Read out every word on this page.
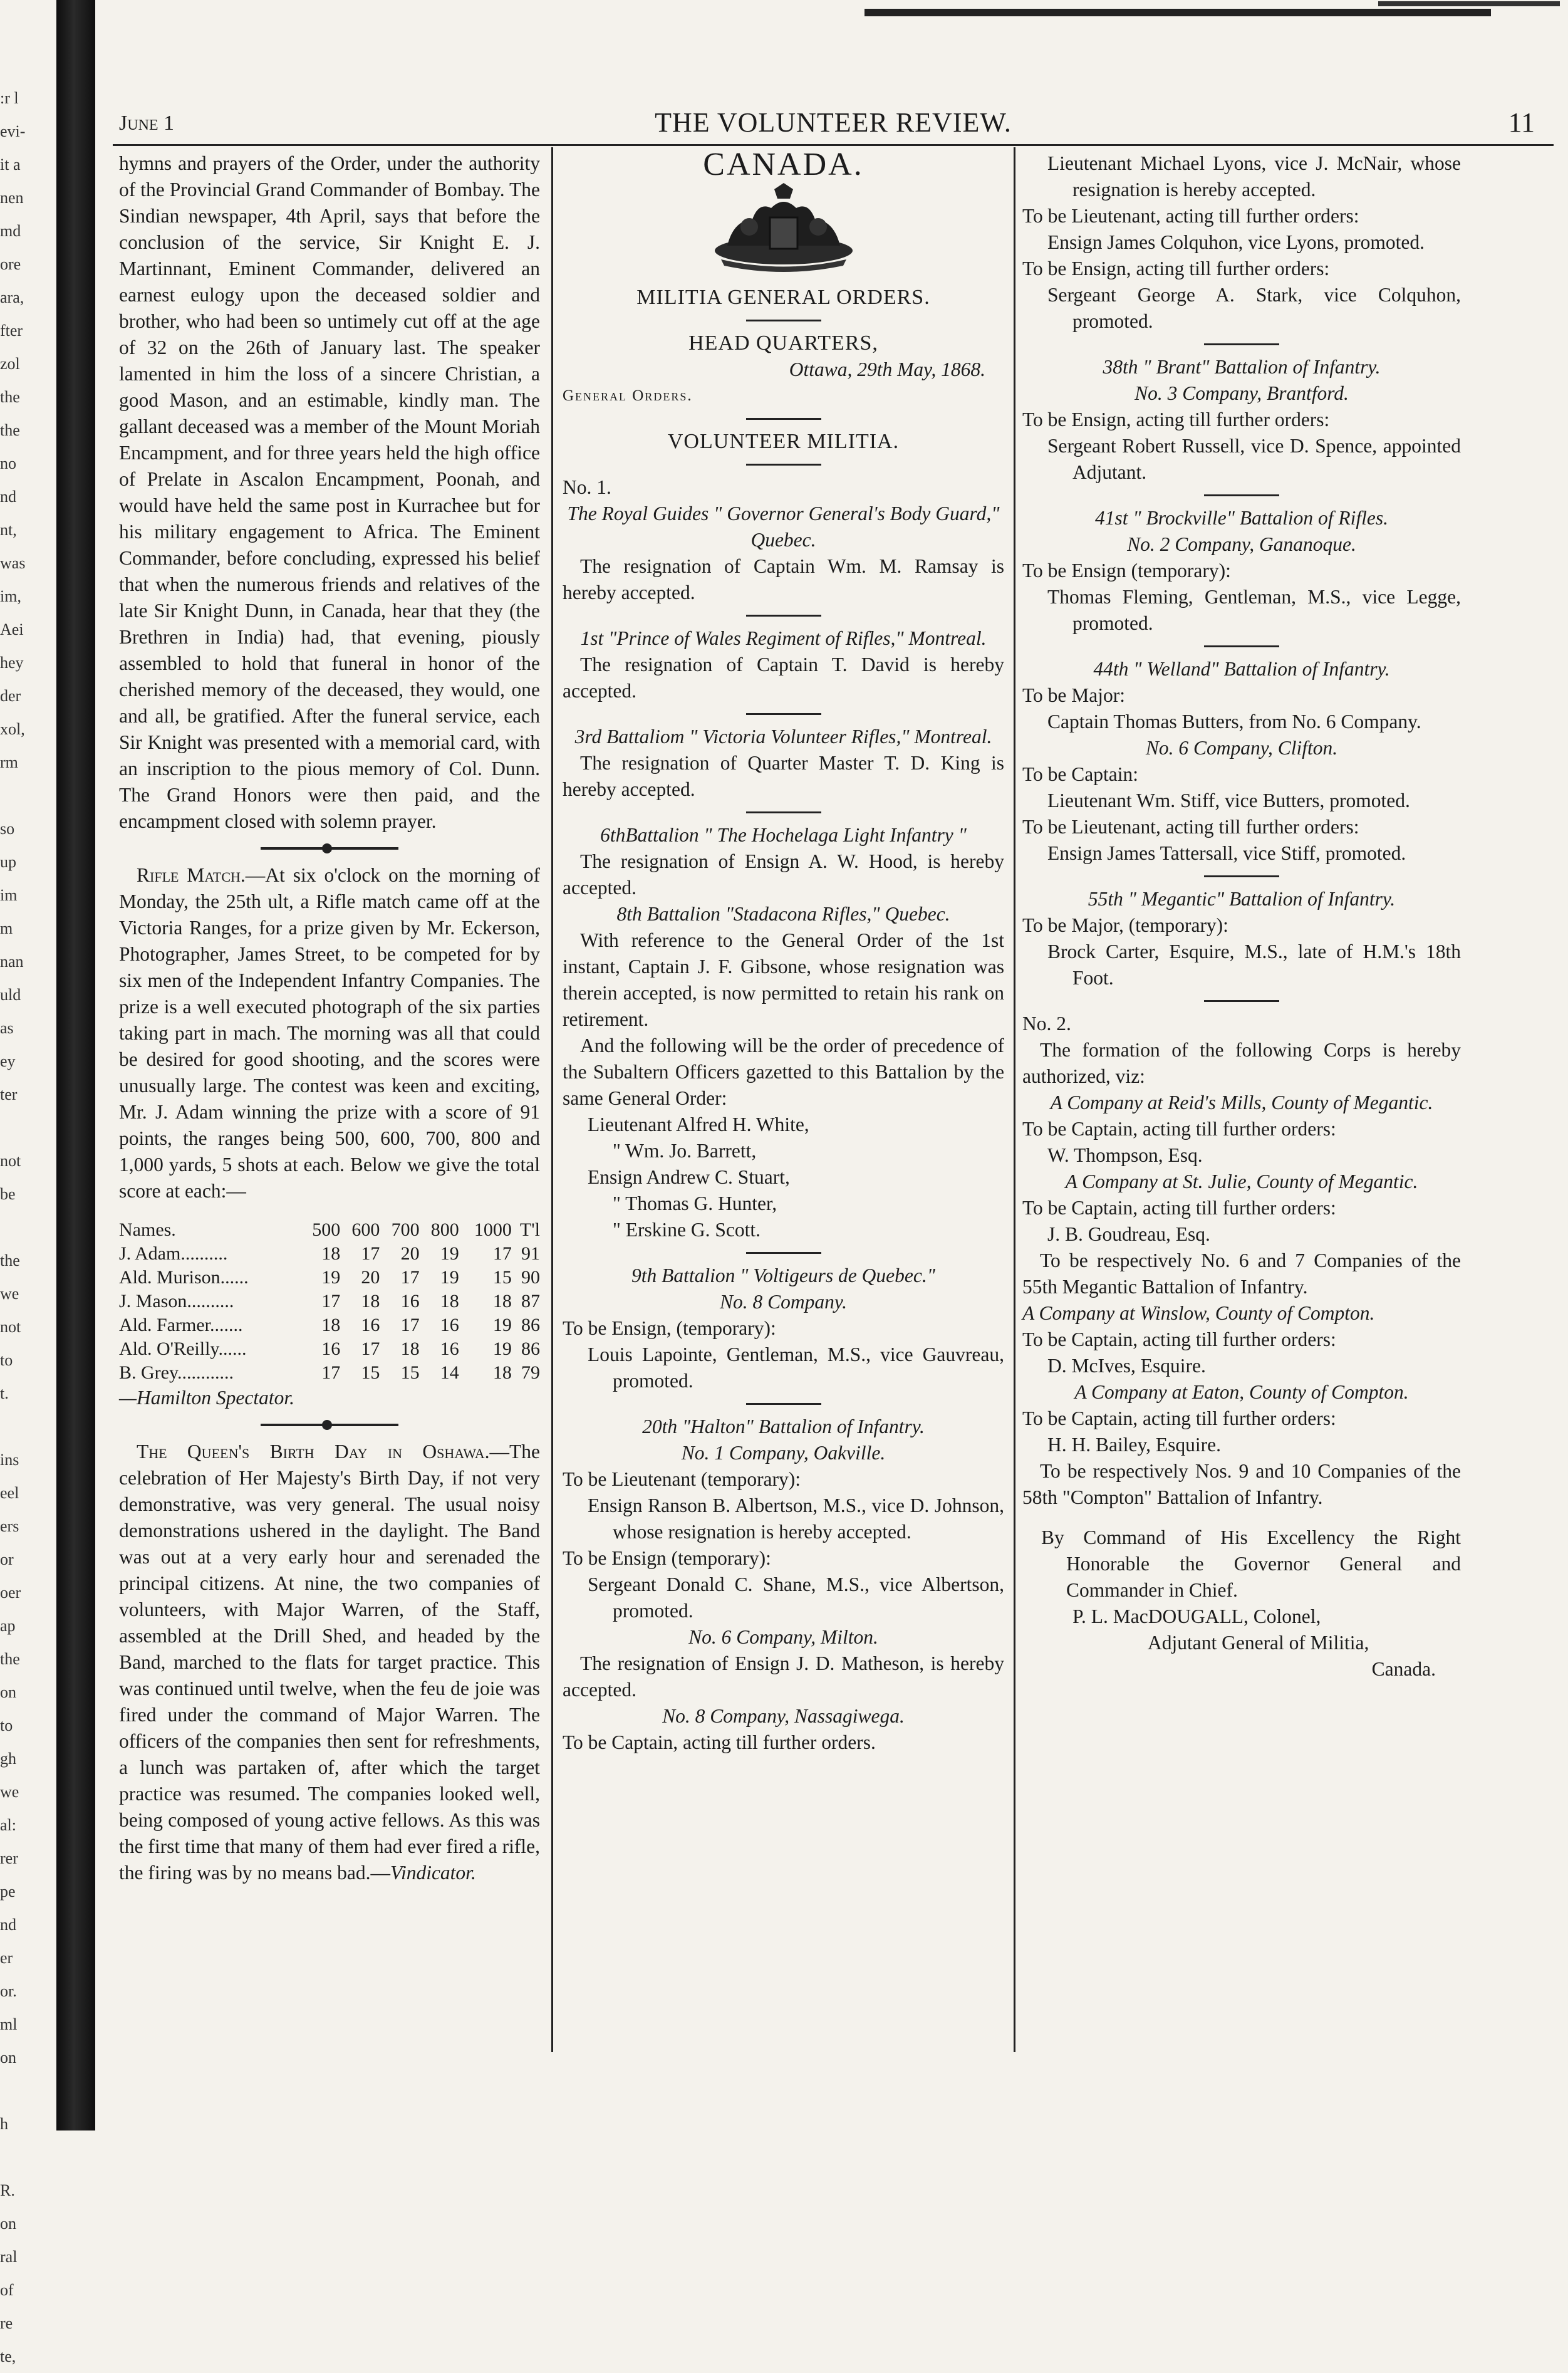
:r l
evi-
it a
nen
md
ore
ara,
fter
zol
the
the
no
nd
nt,
was
im,
Aei
hey
der
xol,
rm
so
up
im
m
nan
uld
as
ey
ter
not
be
the
we
not
to
t.
ins
eel
ers
or
oer
ap
the
on
to
gh
we
al:
rer
pe
nd
er
or.
ml
on
h
R.
on
ral
of
re
te,
June 1	THE VOLUNTEER REVIEW.	11

hymns and prayers of the Order, under the authority of the Provincial Grand Commander of Bombay. The Sindian newspaper, 4th April, says that before the conclusion of the service, Sir Knight E. J. Martinnant, Eminent Commander, delivered an earnest eulogy upon the deceased soldier and brother, who had been so untimely cut off at the age of 32 on the 26th of January last. The speaker lamented in him the loss of a sincere Christian, a good Mason, and an estimable, kindly man. The gallant deceased was a member of the Mount Moriah Encampment, and for three years held the high office of Prelate in Ascalon Encampment, Poonah, and would have held the same post in Kurrachee but for his military engagement to Africa. The Eminent Commander, before concluding, expressed his belief that when the numerous friends and relatives of the late Sir Knight Dunn, in Canada, hear that they (the Brethren in India) had, that evening, piously assembled to hold that funeral in honor of the cherished memory of the deceased, they would, one and all, be gratified. After the funeral service, each Sir Knight was presented with a memorial card, with an inscription to the pious memory of Col. Dunn. The Grand Honors were then paid, and the encampment closed with solemn prayer.

Rifle Match.—At six o'clock on the morning of Monday, the 25th ult, a Rifle match came off at the Victoria Ranges, for a prize given by Mr. Eckerson, Photographer, James Street, to be competed for by six men of the Independent Infantry Companies. The prize is a well executed photograph of the six parties taking part in mach. The morning was all that could be desired for good shooting, and the scores were unusually large. The contest was keen and exciting, Mr. J. Adam winning the prize with a score of 91 points, the ranges being 500, 600, 700, 800 and 1,000 yards, 5 shots at each. Below we give the total score at each:—

Names.	500	600	700	800	1000	T'l
J. Adam..........	18	17	20	19	17	91
Ald. Murison......	19	20	17	19	15	90
J. Mason..........	17	18	16	18	18	87
Ald. Farmer.......	18	16	17	16	19	86
Ald. O'Reilly......	16	17	18	16	19	86
B. Grey............	17	15	15	14	18	79

—Hamilton Spectator.

The Queen's Birth Day in Oshawa.—The celebration of Her Majesty's Birth Day, if not very demonstrative, was very general. The usual noisy demonstrations ushered in the daylight. The Band was out at a very early hour and serenaded the principal citizens. At nine, the two companies of volunteers, with Major Warren, of the Staff, assembled at the Drill Shed, and headed by the Band, marched to the flats for target practice. This was continued until twelve, when the feu de joie was fired under the command of Major Warren. The officers of the companies then sent for refreshments, a lunch was partaken of, after which the target practice was resumed. The companies looked well, being composed of young active fellows. As this was the first time that many of them had ever fired a rifle, the firing was by no means bad.—Vindicator.

CANADA.
MILITIA GENERAL ORDERS.
HEAD QUARTERS,
Ottawa, 29th May, 1868.
General Orders.
VOLUNTEER MILITIA.

No. 1.

The Royal Guides " Governor General's Body Guard," Quebec.

The resignation of Captain Wm. M. Ramsay is hereby accepted.

1st "Prince of Wales Regiment of Rifles," Montreal.

The resignation of Captain T. David is hereby accepted.

3rd Battaliom " Victoria Volunteer Rifles," Montreal.

The resignation of Quarter Master T. D. King is hereby accepted.

6thBattalion " The Hochelaga Light Infantry "

The resignation of Ensign A. W. Hood, is hereby accepted.

8th Battalion "Stadacona Rifles," Quebec.

With reference to the General Order of the 1st instant, Captain J. F. Gibsone, whose resignation was therein accepted, is now permitted to retain his rank on retirement.

And the following will be the order of precedence of the Subaltern Officers gazetted to this Battalion by the same General Order:

Lieutenant Alfred H. White,

" Wm. Jo. Barrett,

Ensign Andrew C. Stuart,

" Thomas G. Hunter,

" Erskine G. Scott.

9th Battalion " Voltigeurs de Quebec."

No. 8 Company.

To be Ensign, (temporary):

Louis Lapointe, Gentleman, M.S., vice Gauvreau, promoted.

20th "Halton" Battalion of Infantry.

No. 1 Company, Oakville.

To be Lieutenant (temporary):

Ensign Ranson B. Albertson, M.S., vice D. Johnson, whose resignation is hereby accepted.

To be Ensign (temporary):

Sergeant Donald C. Shane, M.S., vice Albertson, promoted.

No. 6 Company, Milton.

The resignation of Ensign J. D. Matheson, is hereby accepted.

No. 8 Company, Nassagiwega.

To be Captain, acting till further orders.

Lieutenant Michael Lyons, vice J. McNair, whose resignation is hereby accepted.

To be Lieutenant, acting till further orders:

Ensign James Colquhon, vice Lyons, promoted.

To be Ensign, acting till further orders:

Sergeant George A. Stark, vice Colquhon, promoted.

38th " Brant" Battalion of Infantry.

No. 3 Company, Brantford.

To be Ensign, acting till further orders:

Sergeant Robert Russell, vice D. Spence, appointed Adjutant.

41st " Brockville" Battalion of Rifles.

No. 2 Company, Gananoque.

To be Ensign (temporary):

Thomas Fleming, Gentleman, M.S., vice Legge, promoted.

44th " Welland" Battalion of Infantry.

To be Major:

Captain Thomas Butters, from No. 6 Company.

No. 6 Company, Clifton.

To be Captain:

Lieutenant Wm. Stiff, vice Butters, promoted.

To be Lieutenant, acting till further orders:

Ensign James Tattersall, vice Stiff, promoted.

55th " Megantic" Battalion of Infantry.

To be Major, (temporary):

Brock Carter, Esquire, M.S., late of H.M.'s 18th Foot.

No. 2.

The formation of the following Corps is hereby authorized, viz:

A Company at Reid's Mills, County of Megantic.

To be Captain, acting till further orders:

W. Thompson, Esq.

A Company at St. Julie, County of Megantic.

To be Captain, acting till further orders:

J. B. Goudreau, Esq.

To be respectively No. 6 and 7 Companies of the 55th Megantic Battalion of Infantry.

A Company at Winslow, County of Compton.

To be Captain, acting till further orders:

D. McIves, Esquire.

A Company at Eaton, County of Compton.

To be Captain, acting till further orders:

H. H. Bailey, Esquire.

To be respectively Nos. 9 and 10 Companies of the 58th "Compton" Battalion of Infantry.

By Command of His Excellency the Right Honorable the Governor General and Commander in Chief.

P. L. MacDOUGALL, Colonel,

Adjutant General of Militia,

Canada.
